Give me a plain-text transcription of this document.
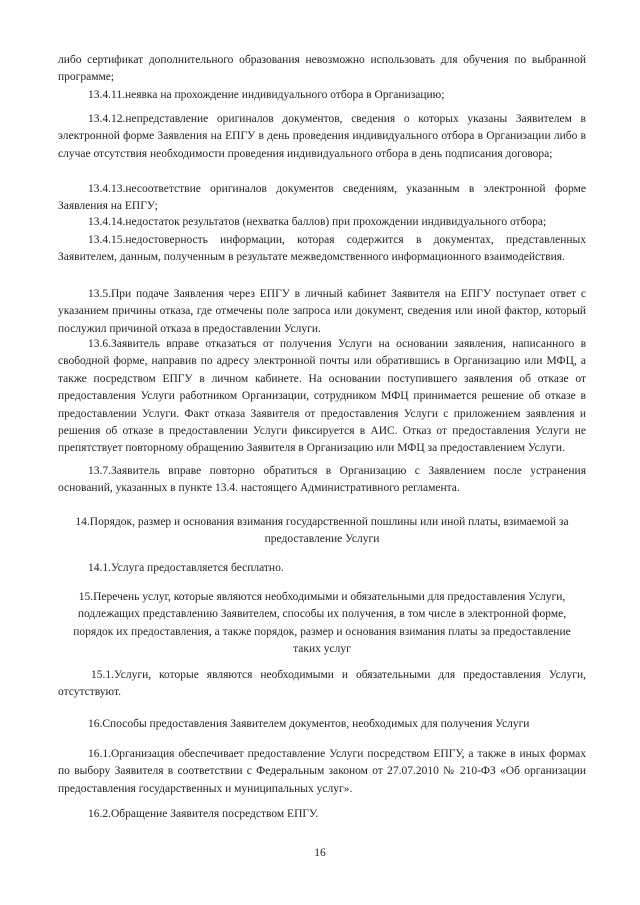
либо сертификат дополнительного образования невозможно использовать для обучения по выбранной программе;

13.4.11.неявка на прохождение индивидуального отбора в Организацию;

13.4.12.непредставление оригиналов документов, сведения о которых указаны Заявителем в электронной форме Заявления на ЕПГУ в день проведения индивидуального отбора в Организации либо в случае отсутствия необходимости проведения индивидуального отбора в день подписания договора;

13.4.13.несоответствие оригиналов документов сведениям, указанным в электронной форме Заявления на ЕПГУ;

13.4.14.недостаток результатов (нехватка баллов) при прохождении индивидуального отбора;

13.4.15.недостоверность информации, которая содержится в документах, представленных Заявителем, данным, полученным в результате межведомственного информационного взаимодействия.

13.5.При подаче Заявления через ЕПГУ в личный кабинет Заявителя на ЕПГУ поступает ответ с указанием причины отказа, где отмечены поле запроса или документ, сведения или иной фактор, который послужил причиной отказа в предоставлении Услуги.

13.6.Заявитель вправе отказаться от получения Услуги на основании заявления, написанного в свободной форме, направив по адресу электронной почты или обратившись в Организацию или МФЦ, а также посредством ЕПГУ в личном кабинете. На основании поступившего заявления об отказе от предоставления Услуги работником Организации, сотрудником МФЦ принимается решение об отказе в предоставлении Услуги. Факт отказа Заявителя от предоставления Услуги с приложением заявления и решения об отказе в предоставлении Услуги фиксируется в АИС. Отказ от предоставления Услуги не препятствует повторному обращению Заявителя в Организацию или МФЦ за предоставлением Услуги.

13.7.Заявитель вправе повторно обратиться в Организацию с Заявлением после устранения оснований, указанных в пункте 13.4. настоящего Административного регламента.

14.Порядок, размер и основания взимания государственной пошлины или иной платы, взимаемой за предоставление Услуги

14.1.Услуга предоставляется бесплатно.

15.Перечень услуг, которые являются необходимыми и обязательными для предоставления Услуги, подлежащих представлению Заявителем, способы их получения, в том числе в электронной форме, порядок их предоставления, а также порядок, размер и основания взимания платы за предоставление таких услуг

15.1.Услуги, которые являются необходимыми и обязательными для предоставления Услуги, отсутствуют.

16.Способы предоставления Заявителем документов, необходимых для получения Услуги

16.1.Организация обеспечивает предоставление Услуги посредством ЕПГУ, а также в иных формах по выбору Заявителя в соответствии с Федеральным законом от 27.07.2010 № 210-ФЗ «Об организации предоставления государственных и муниципальных услуг».

16.2.Обращение Заявителя посредством ЕПГУ.

16
